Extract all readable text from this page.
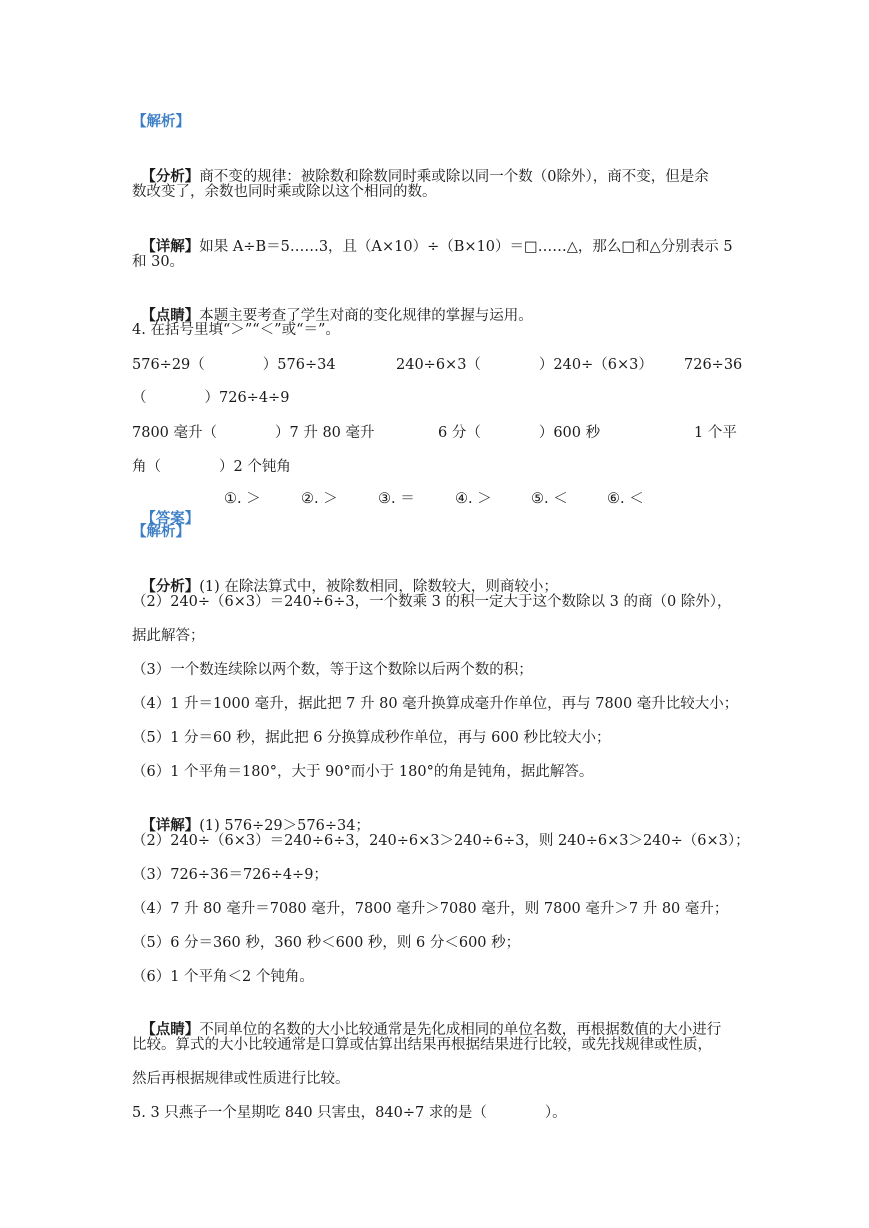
【解析】

【分析】商不变的规律：被除数和除数同时乘或除以同一个数（0除外），商不变，但是余

数改变了，余数也同时乘或除以这个相同的数。

【详解】如果 A÷B＝5……3，且（A×10）÷（B×10）＝□……△，那么□和△分别表示 5

和 30。

【点睛】本题主要考查了学生对商的变化规律的掌握与运用。

4. 在括号里填“＞”“＜”或“＝”。
576÷29（　　　　）576÷34	240÷6×3（　　　　）240÷（6×3） 726÷36
（　　　　）726÷4÷9
7800 毫升（　　　　）7 升 80 毫升	6 分（　　　　）600 秒	1 个平
角（　　　　）2 个钝角

【答案】

①. ＞	②. ＞	③. ＝	④. ＞	⑤. ＜	⑥. ＜
【解析】

【分析】(1) 在除法算式中，被除数相同，除数较大，则商较小；

（2）240÷（6×3）＝240÷6÷3，一个数乘 3 的积一定大于这个数除以 3 的商（0 除外），
据此解答；
（3）一个数连续除以两个数，等于这个数除以后两个数的积；
（4）1 升＝1000 毫升，据此把 7 升 80 毫升换算成毫升作单位，再与 7800 毫升比较大小；
（5）1 分＝60 秒，据此把 6 分换算成秒作单位，再与 600 秒比较大小；
（6）1 个平角＝180°，大于 90°而小于 180°的角是钝角，据此解答。

【详解】(1) 576÷29＞576÷34；

（2）240÷（6×3）＝240÷6÷3，240÷6×3＞240÷6÷3，则 240÷6×3＞240÷（6×3）；
（3）726÷36＝726÷4÷9；
（4）7 升 80 毫升＝7080 毫升，7800 毫升＞7080 毫升，则 7800 毫升＞7 升 80 毫升；
（5）6 分＝360 秒，360 秒＜600 秒，则 6 分＜600 秒；
（6）1 个平角＜2 个钝角。

【点睛】不同单位的名数的大小比较通常是先化成相同的单位名数，再根据数值的大小进行

比较。算式的大小比较通常是口算或估算出结果再根据结果进行比较，或先找规律或性质，
然后再根据规律或性质进行比较。
5. 3 只燕子一个星期吃 840 只害虫，840÷7 求的是（　　　　）。
